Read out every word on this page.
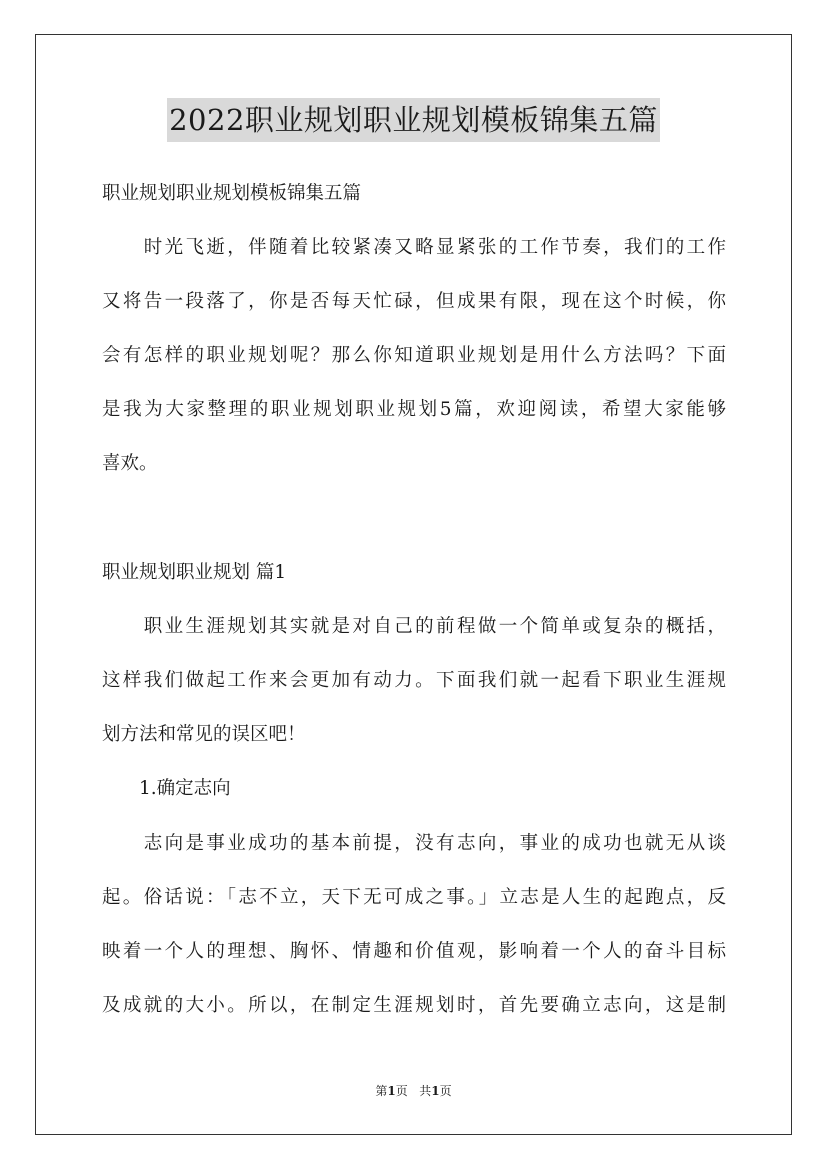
2022职业规划职业规划模板锦集五篇
职业规划职业规划模板锦集五篇
　　时光飞逝，伴随着比较紧凑又略显紧张的工作节奏，我们的工作
又将告一段落了，你是否每天忙碌，但成果有限，现在这个时候，你
会有怎样的职业规划呢？那么你知道职业规划是用什么方法吗？下面
是我为大家整理的职业规划职业规划5篇，欢迎阅读，希望大家能够
喜欢。
职业规划职业规划 篇1
　　职业生涯规划其实就是对自己的前程做一个简单或复杂的概括，
这样我们做起工作来会更加有动力。下面我们就一起看下职业生涯规
划方法和常见的误区吧！
　　1.确定志向
　　志向是事业成功的基本前提，没有志向，事业的成功也就无从谈
起。俗话说：「志不立，天下无可成之事。」立志是人生的起跑点，反
映着一个人的理想、胸怀、情趣和价值观，影响着一个人的奋斗目标
及成就的大小。所以，在制定生涯规划时，首先要确立志向，这是制
第1页 共1页
